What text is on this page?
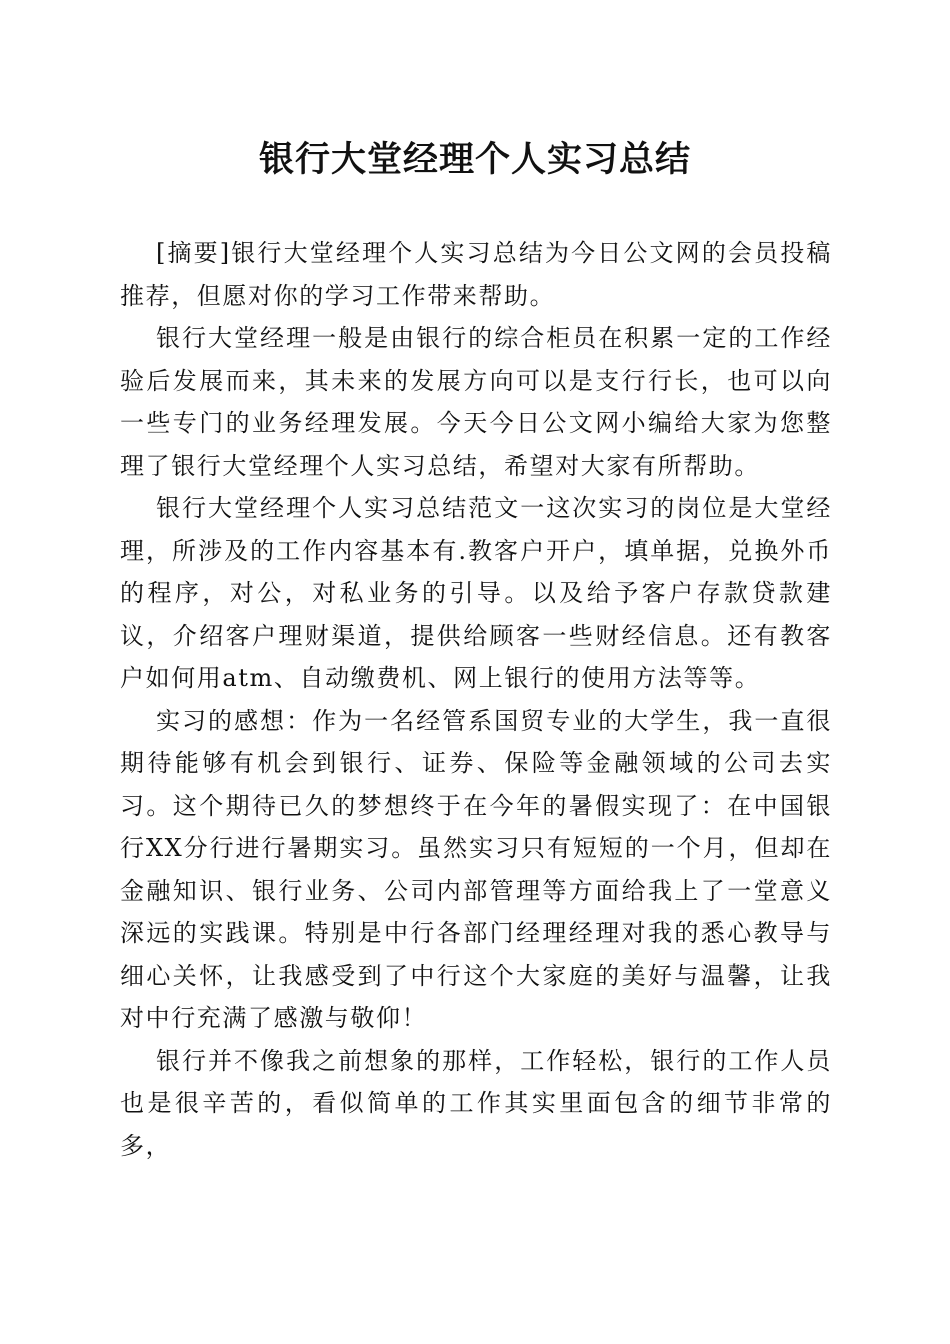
银行大堂经理个人实习总结

[摘要]银行大堂经理个人实习总结为今日公文网的会员投稿推荐，但愿对你的学习工作带来帮助。

银行大堂经理一般是由银行的综合柜员在积累一定的工作经验后发展而来，其未来的发展方向可以是支行行长，也可以向一些专门的业务经理发展。今天今日公文网小编给大家为您整理了银行大堂经理个人实习总结，希望对大家有所帮助。

银行大堂经理个人实习总结范文一这次实习的岗位是大堂经理，所涉及的工作内容基本有.教客户开户，填单据，兑换外币的程序，对公，对私业务的引导。以及给予客户存款贷款建议，介绍客户理财渠道，提供给顾客一些财经信息。还有教客户如何用atm、自动缴费机、网上银行的使用方法等等。

实习的感想：作为一名经管系国贸专业的大学生，我一直很期待能够有机会到银行、证券、保险等金融领域的公司去实习。这个期待已久的梦想终于在今年的暑假实现了：在中国银行XX分行进行暑期实习。虽然实习只有短短的一个月，但却在金融知识、银行业务、公司内部管理等方面给我上了一堂意义深远的实践课。特别是中行各部门经理经理对我的悉心教导与细心关怀，让我感受到了中行这个大家庭的美好与温馨，让我对中行充满了感激与敬仰！

银行并不像我之前想象的那样，工作轻松，银行的工作人员也是很辛苦的，看似简单的工作其实里面包含的细节非常的多，
